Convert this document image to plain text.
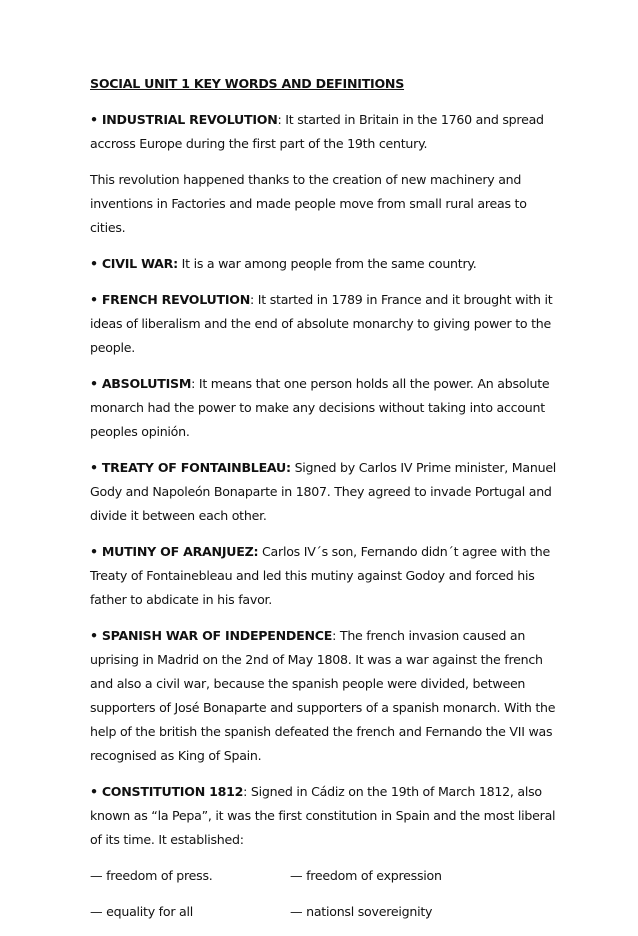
SOCIAL UNIT 1 KEY WORDS AND DEFINITIONS

• INDUSTRIAL REVOLUTION: It started in Britain in the 1760 and spread accross Europe during the first part of the 19th century.

This revolution happened thanks to the creation of new machinery and inventions in Factories and made people move from small rural areas to cities.

• CIVIL WAR: It is a war among people from the same country.

• FRENCH REVOLUTION: It started in 1789 in France and it brought with it ideas of liberalism and the end of absolute monarchy to giving power to the people.

• ABSOLUTISM: It means that one person holds all the power. An absolute monarch had the power to make any decisions without taking into account peoples opinión.

• TREATY OF FONTAINBLEAU: Signed by Carlos IV Prime minister, Manuel Gody and Napoleón Bonaparte in 1807. They agreed to invade Portugal and divide it between each other.

• MUTINY OF ARANJUEZ: Carlos IV´s son, Fernando didn´t agree with the Treaty of Fontainebleau and led this mutiny against Godoy and forced his father to abdicate in his favor.

• SPANISH WAR OF INDEPENDENCE: The french invasion caused an uprising in Madrid on the 2nd of May 1808. It was a war against the french and also a civil war, because the spanish people were divided, between supporters of José Bonaparte and supporters of a spanish monarch. With the help of the british the spanish defeated the french and Fernando the VII was recognised as King of Spain.

• CONSTITUTION 1812: Signed in Cádiz on the 19th of March 1812, also known as “la Pepa”, it was the first constitution in Spain and the most liberal of its time. It established:

— freedom of press.	— freedom of expression
— equality for all	— nationsl sovereignity
